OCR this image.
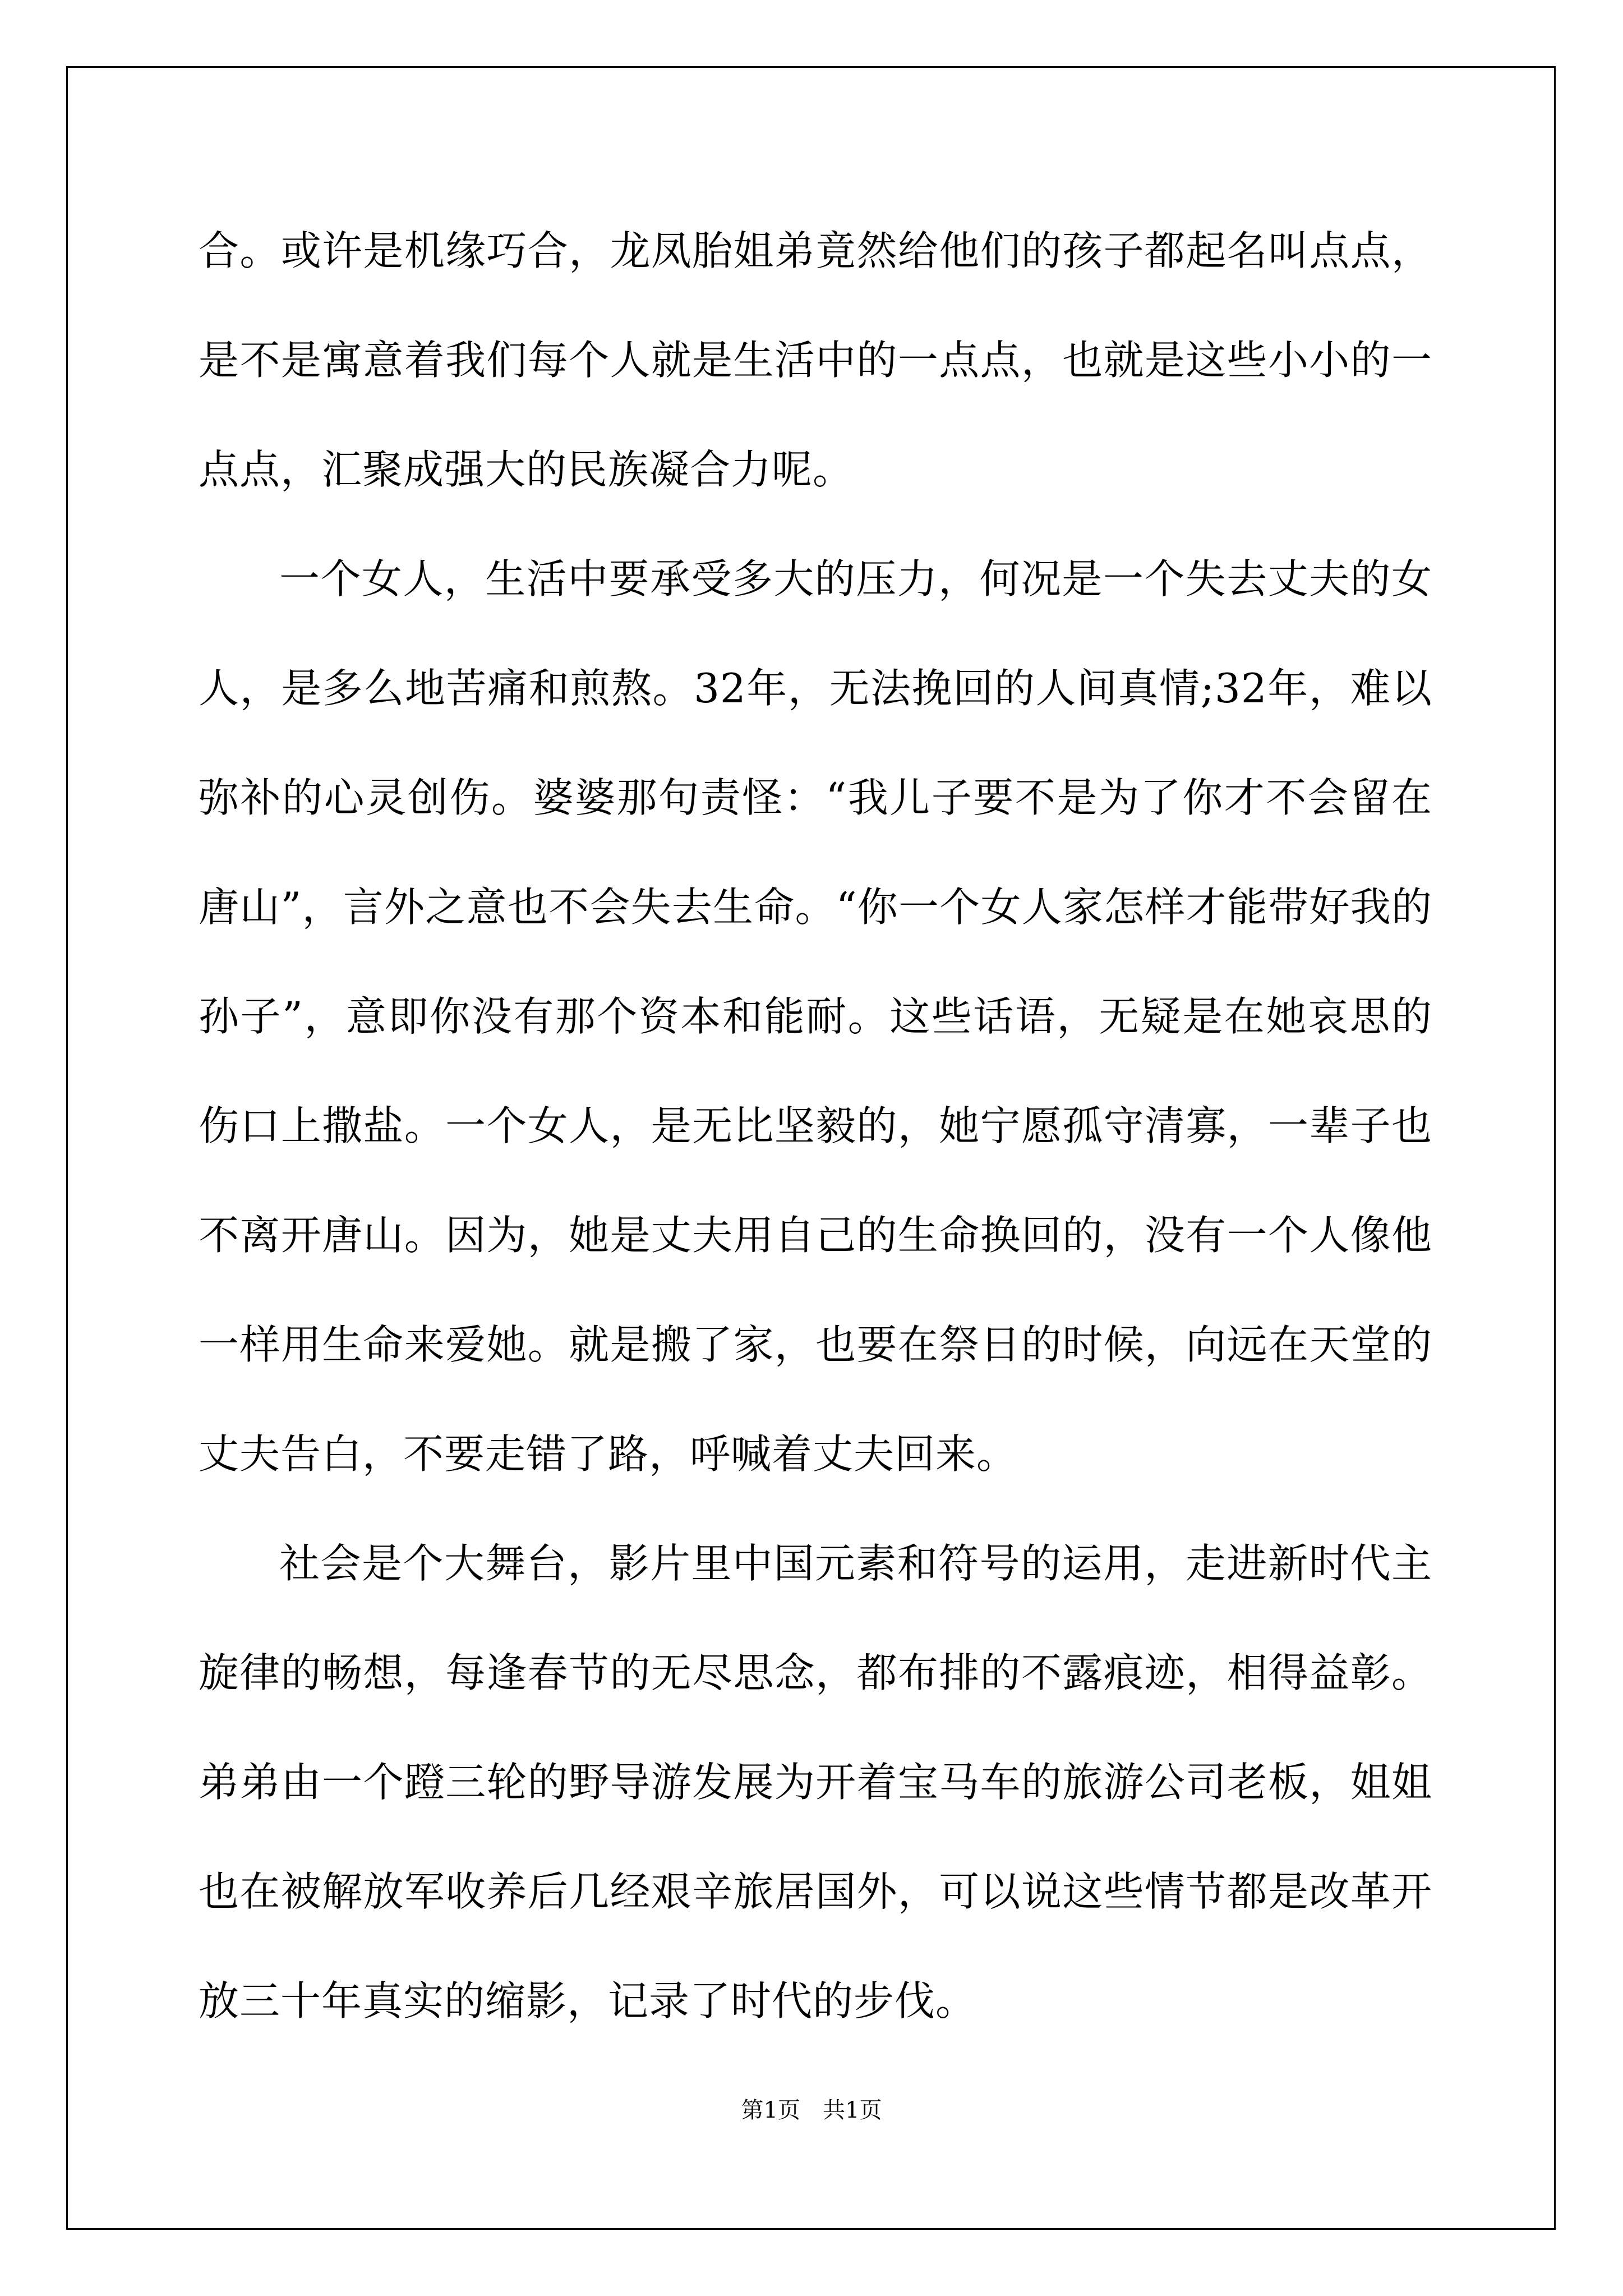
合。或许是机缘巧合，龙凤胎姐弟竟然给他们的孩子都起名叫点点，是不是寓意着我们每个人就是生活中的一点点，也就是这些小小的一点点，汇聚成强大的民族凝合力呢。

一个女人，生活中要承受多大的压力，何况是一个失去丈夫的女人，是多么地苦痛和煎熬。32年，无法挽回的人间真情;32年，难以弥补的心灵创伤。婆婆那句责怪：“我儿子要不是为了你才不会留在唐山”，言外之意也不会失去生命。“你一个女人家怎样才能带好我的孙子”，意即你没有那个资本和能耐。这些话语，无疑是在她哀思的伤口上撒盐。一个女人，是无比坚毅的，她宁愿孤守清寡，一辈子也不离开唐山。因为，她是丈夫用自己的生命换回的，没有一个人像他一样用生命来爱她。就是搬了家，也要在祭日的时候，向远在天堂的丈夫告白，不要走错了路，呼喊着丈夫回来。

社会是个大舞台，影片里中国元素和符号的运用，走进新时代主旋律的畅想，每逢春节的无尽思念，都布排的不露痕迹，相得益彰。弟弟由一个蹬三轮的野导游发展为开着宝马车的旅游公司老板，姐姐也在被解放军收养后几经艰辛旅居国外，可以说这些情节都是改革开放三十年真实的缩影，记录了时代的步伐。

第1页 共1页
